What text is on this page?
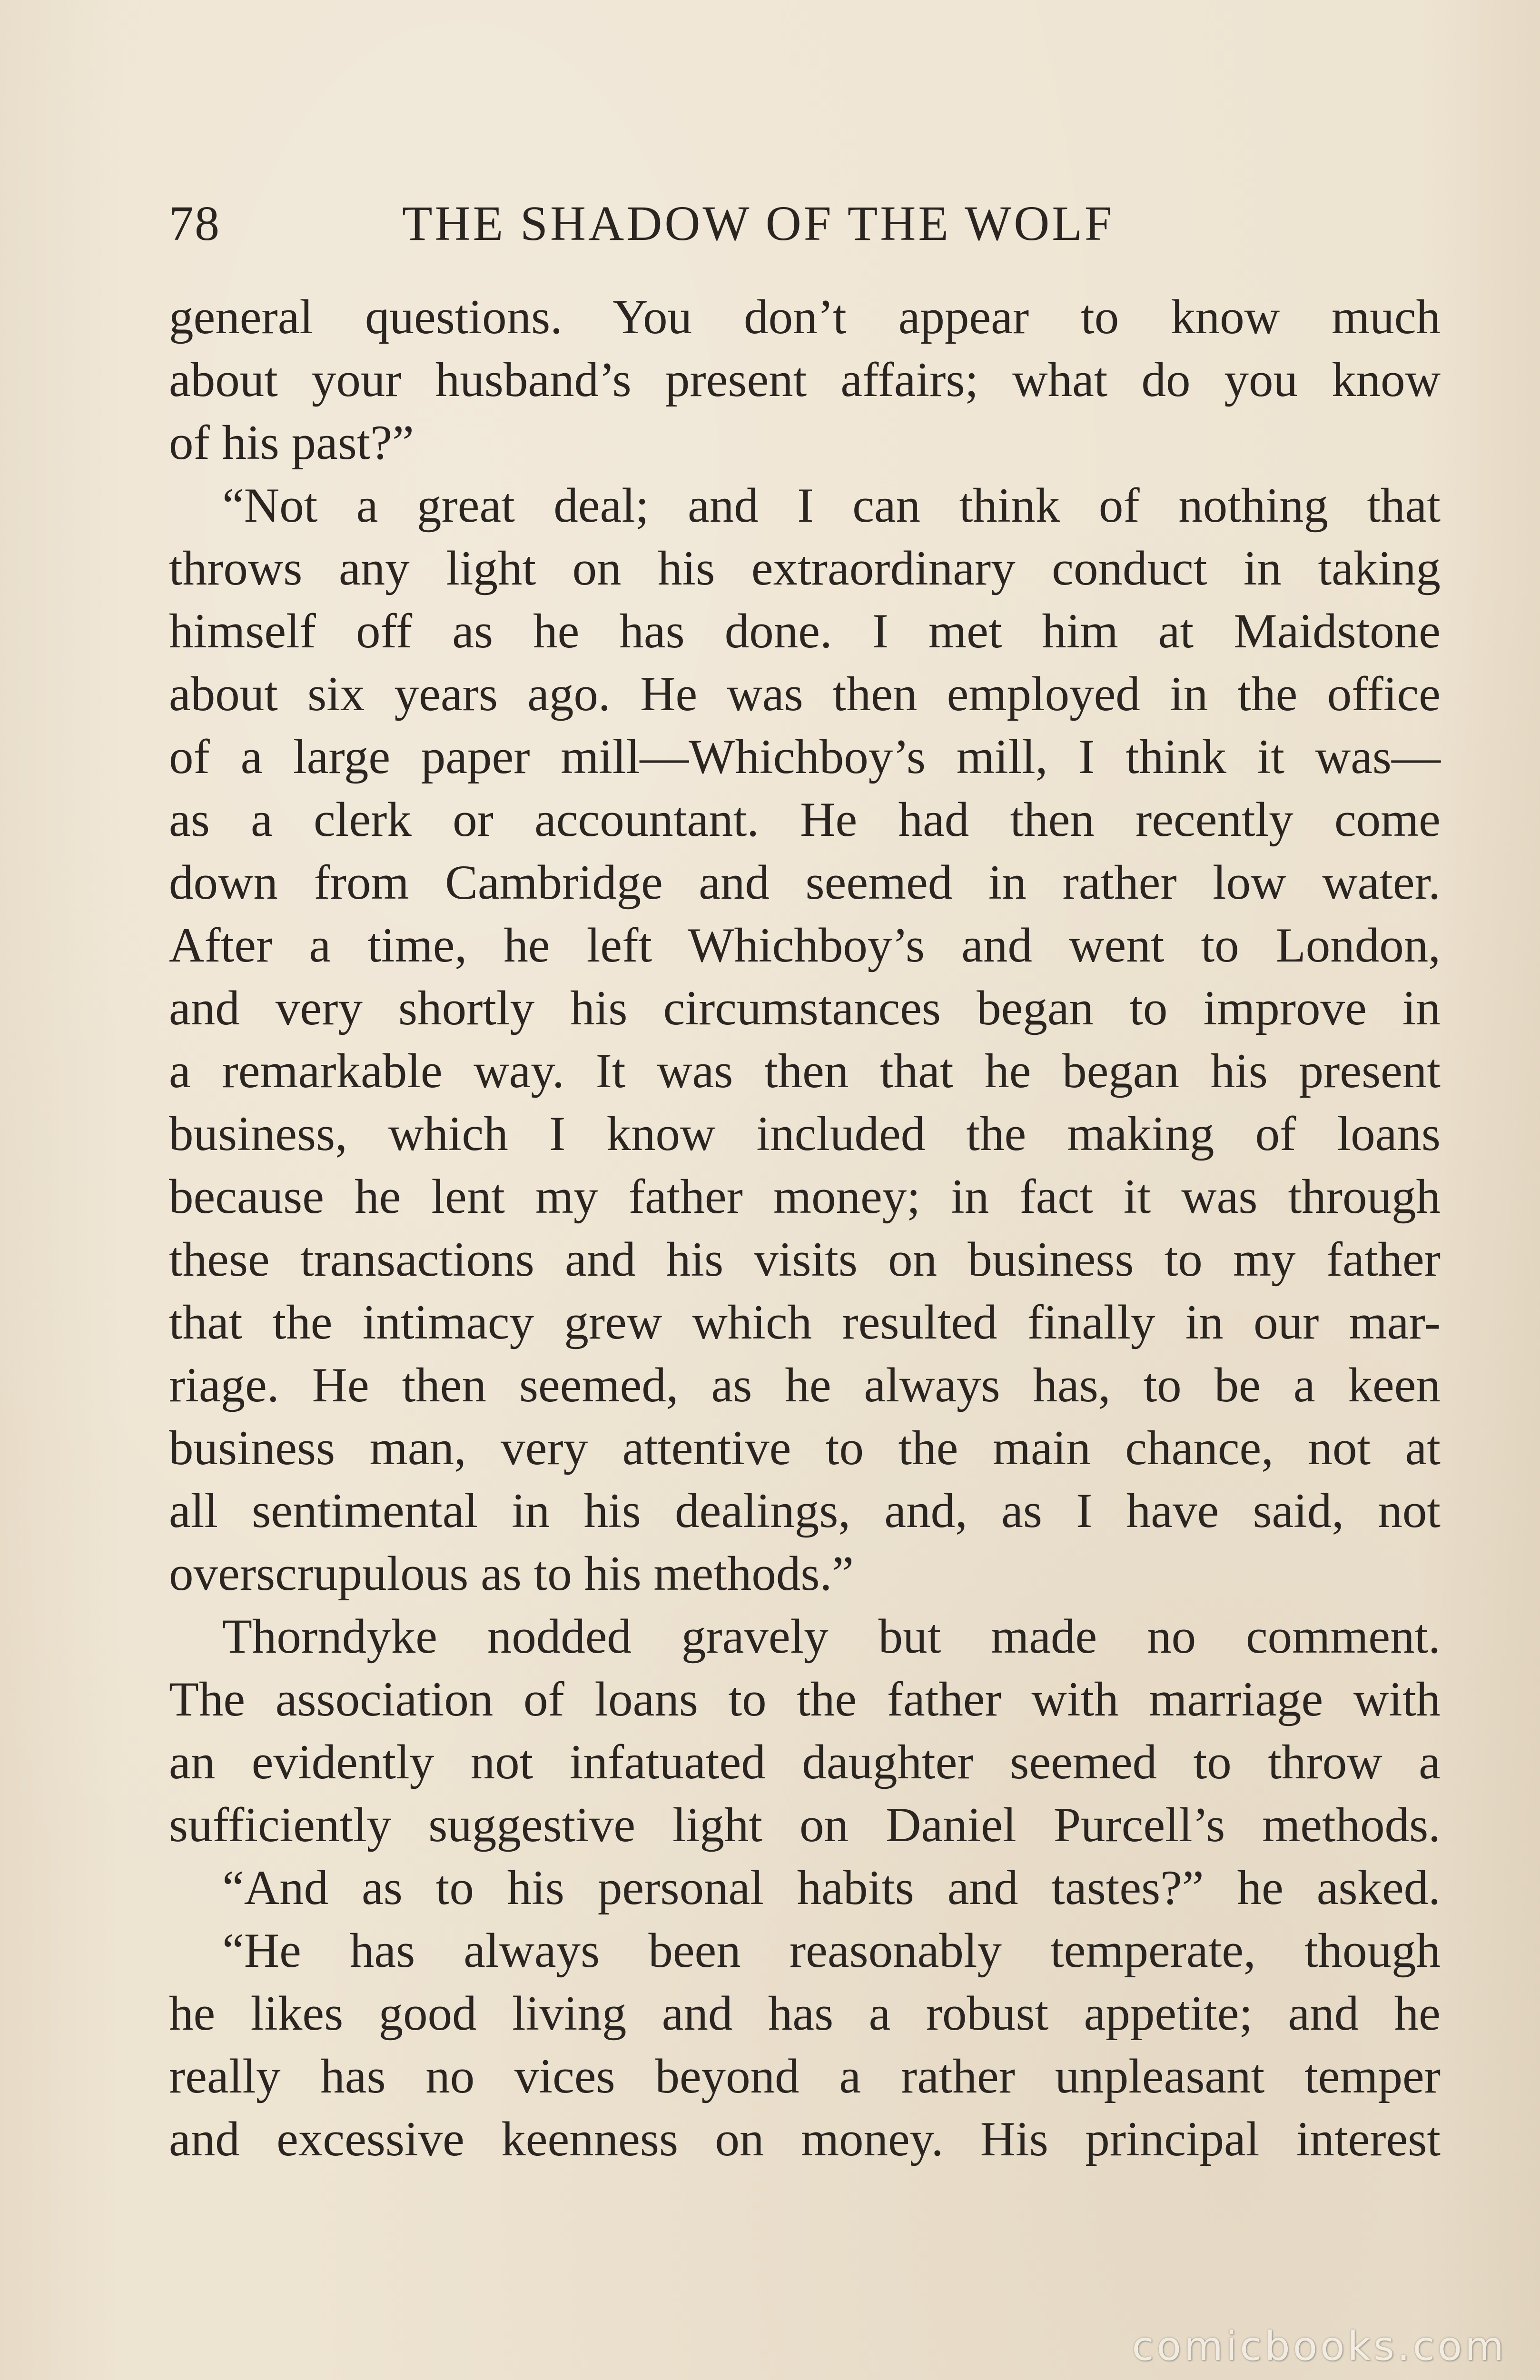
78	THE SHADOW OF THE WOLF

general questions. You don’t appear to know much
about your husband’s present affairs; what do you know
of his past?”

“Not a great deal; and I can think of nothing that
throws any light on his extraordinary conduct in taking
himself off as he has done. I met him at Maidstone
about six years ago. He was then employed in the office
of a large paper mill—Whichboy’s mill, I think it was—
as a clerk or accountant. He had then recently come
down from Cambridge and seemed in rather low water.
After a time, he left Whichboy’s and went to London,
and very shortly his circumstances began to improve in
a remarkable way. It was then that he began his present
business, which I know included the making of loans
because he lent my father money; in fact it was through
these transactions and his visits on business to my father
that the intimacy grew which resulted finally in our mar-
riage. He then seemed, as he always has, to be a keen
business man, very attentive to the main chance, not at
all sentimental in his dealings, and, as I have said, not
overscrupulous as to his methods.”

Thorndyke nodded gravely but made no comment.
The association of loans to the father with marriage with
an evidently not infatuated daughter seemed to throw a
sufficiently suggestive light on Daniel Purcell’s methods.

“And as to his personal habits and tastes?” he asked.

“He has always been reasonably temperate, though
he likes good living and has a robust appetite; and he
really has no vices beyond a rather unpleasant temper
and excessive keenness on money. His principal interest

comicbooks.com
